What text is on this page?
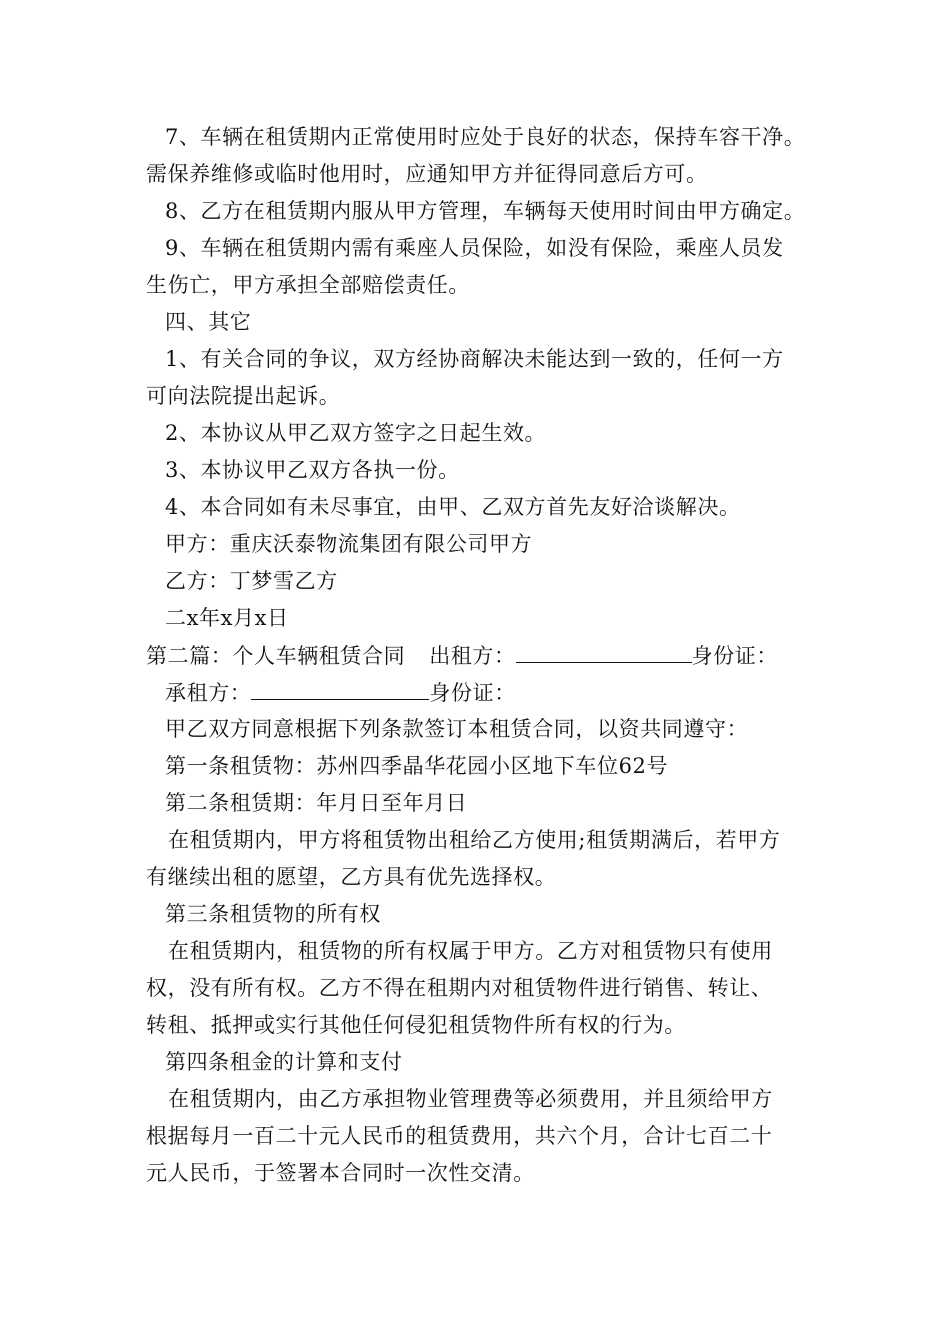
7、车辆在租赁期内正常使用时应处于良好的状态，保持车容干净。
需保养维修或临时他用时，应通知甲方并征得同意后方可。
8、乙方在租赁期内服从甲方管理，车辆每天使用时间由甲方确定。
9、车辆在租赁期内需有乘座人员保险，如没有保险，乘座人员发
生伤亡，甲方承担全部赔偿责任。
四、其它
1、有关合同的争议，双方经协商解决未能达到一致的，任何一方
可向法院提出起诉。
2、本协议从甲乙双方签字之日起生效。
3、本协议甲乙双方各执一份。
4、本合同如有未尽事宜，由甲、乙双方首先友好洽谈解决。
甲方：重庆沃泰物流集团有限公司甲方
乙方：丁梦雪乙方
二x年x月x日
第二篇：个人车辆租赁合同 出租方：	身份证：
承租方：	身份证：
甲乙双方同意根据下列条款签订本租赁合同，以资共同遵守：
第一条租赁物：苏州四季晶华花园小区地下车位62号
第二条租赁期：年月日至年月日
在租赁期内，甲方将租赁物出租给乙方使用;租赁期满后，若甲方
有继续出租的愿望，乙方具有优先选择权。
第三条租赁物的所有权
在租赁期内，租赁物的所有权属于甲方。乙方对租赁物只有使用
权，没有所有权。乙方不得在租期内对租赁物件进行销售、转让、
转租、抵押或实行其他任何侵犯租赁物件所有权的行为。
第四条租金的计算和支付
在租赁期内，由乙方承担物业管理费等必须费用，并且须给甲方
根据每月一百二十元人民币的租赁费用，共六个月，合计七百二十
元人民币，于签署本合同时一次性交清。
